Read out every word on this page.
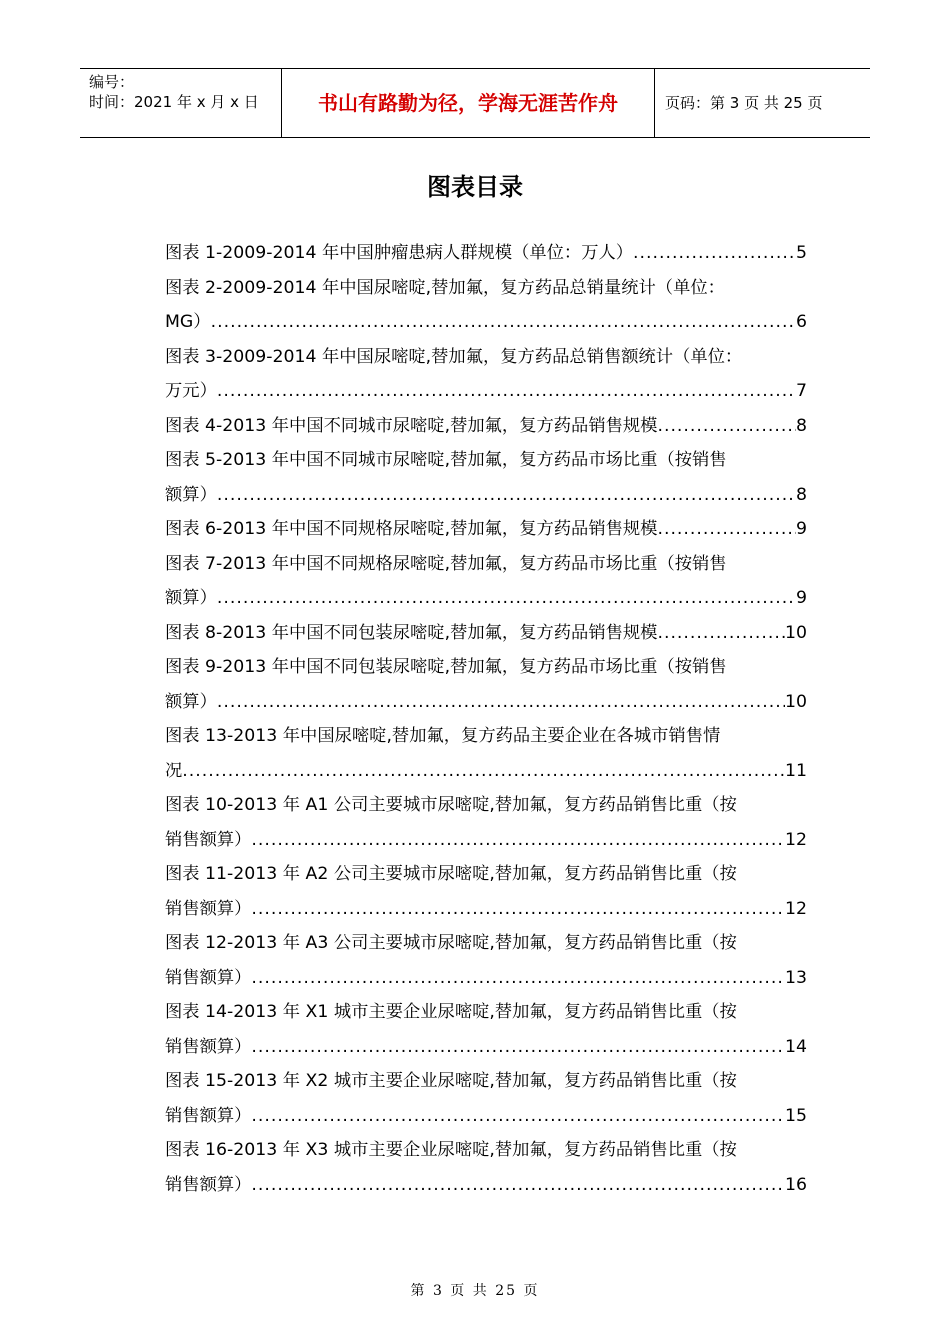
编号：
时间：2021 年 x 月 x 日	书山有路勤为径，学海无涯苦作舟	页码：第 3 页 共 25 页
图表目录
图表 1-2009-2014 年中国肿瘤患病人群规模（单位：万人） .....	5
图表 2-2009-2014 年中国尿嘧啶,替加氟，复方药品总销量统计（单位：
MG） .....	6
图表 3-2009-2014 年中国尿嘧啶,替加氟，复方药品总销售额统计（单位：
万元） .....	7
图表 4-2013 年中国不同城市尿嘧啶,替加氟，复方药品销售规模 .....	8
图表 5-2013 年中国不同城市尿嘧啶,替加氟，复方药品市场比重（按销售
额算） .....	8
图表 6-2013 年中国不同规格尿嘧啶,替加氟，复方药品销售规模 .....	9
图表 7-2013 年中国不同规格尿嘧啶,替加氟，复方药品市场比重（按销售
额算） .....	9
图表 8-2013 年中国不同包装尿嘧啶,替加氟，复方药品销售规模 .....	10
图表 9-2013 年中国不同包装尿嘧啶,替加氟，复方药品市场比重（按销售
额算） .....	10
图表 13-2013 年中国尿嘧啶,替加氟，复方药品主要企业在各城市销售情
况 .....	11
图表 10-2013 年 A1 公司主要城市尿嘧啶,替加氟，复方药品销售比重（按
销售额算） .....	12
图表 11-2013 年 A2 公司主要城市尿嘧啶,替加氟，复方药品销售比重（按
销售额算） .....	12
图表 12-2013 年 A3 公司主要城市尿嘧啶,替加氟，复方药品销售比重（按
销售额算） .....	13
图表 14-2013 年 X1 城市主要企业尿嘧啶,替加氟，复方药品销售比重（按
销售额算） .....	14
图表 15-2013 年 X2 城市主要企业尿嘧啶,替加氟，复方药品销售比重（按
销售额算） .....	15
图表 16-2013 年 X3 城市主要企业尿嘧啶,替加氟，复方药品销售比重（按
销售额算） .....	16
第 3 页 共 25 页
